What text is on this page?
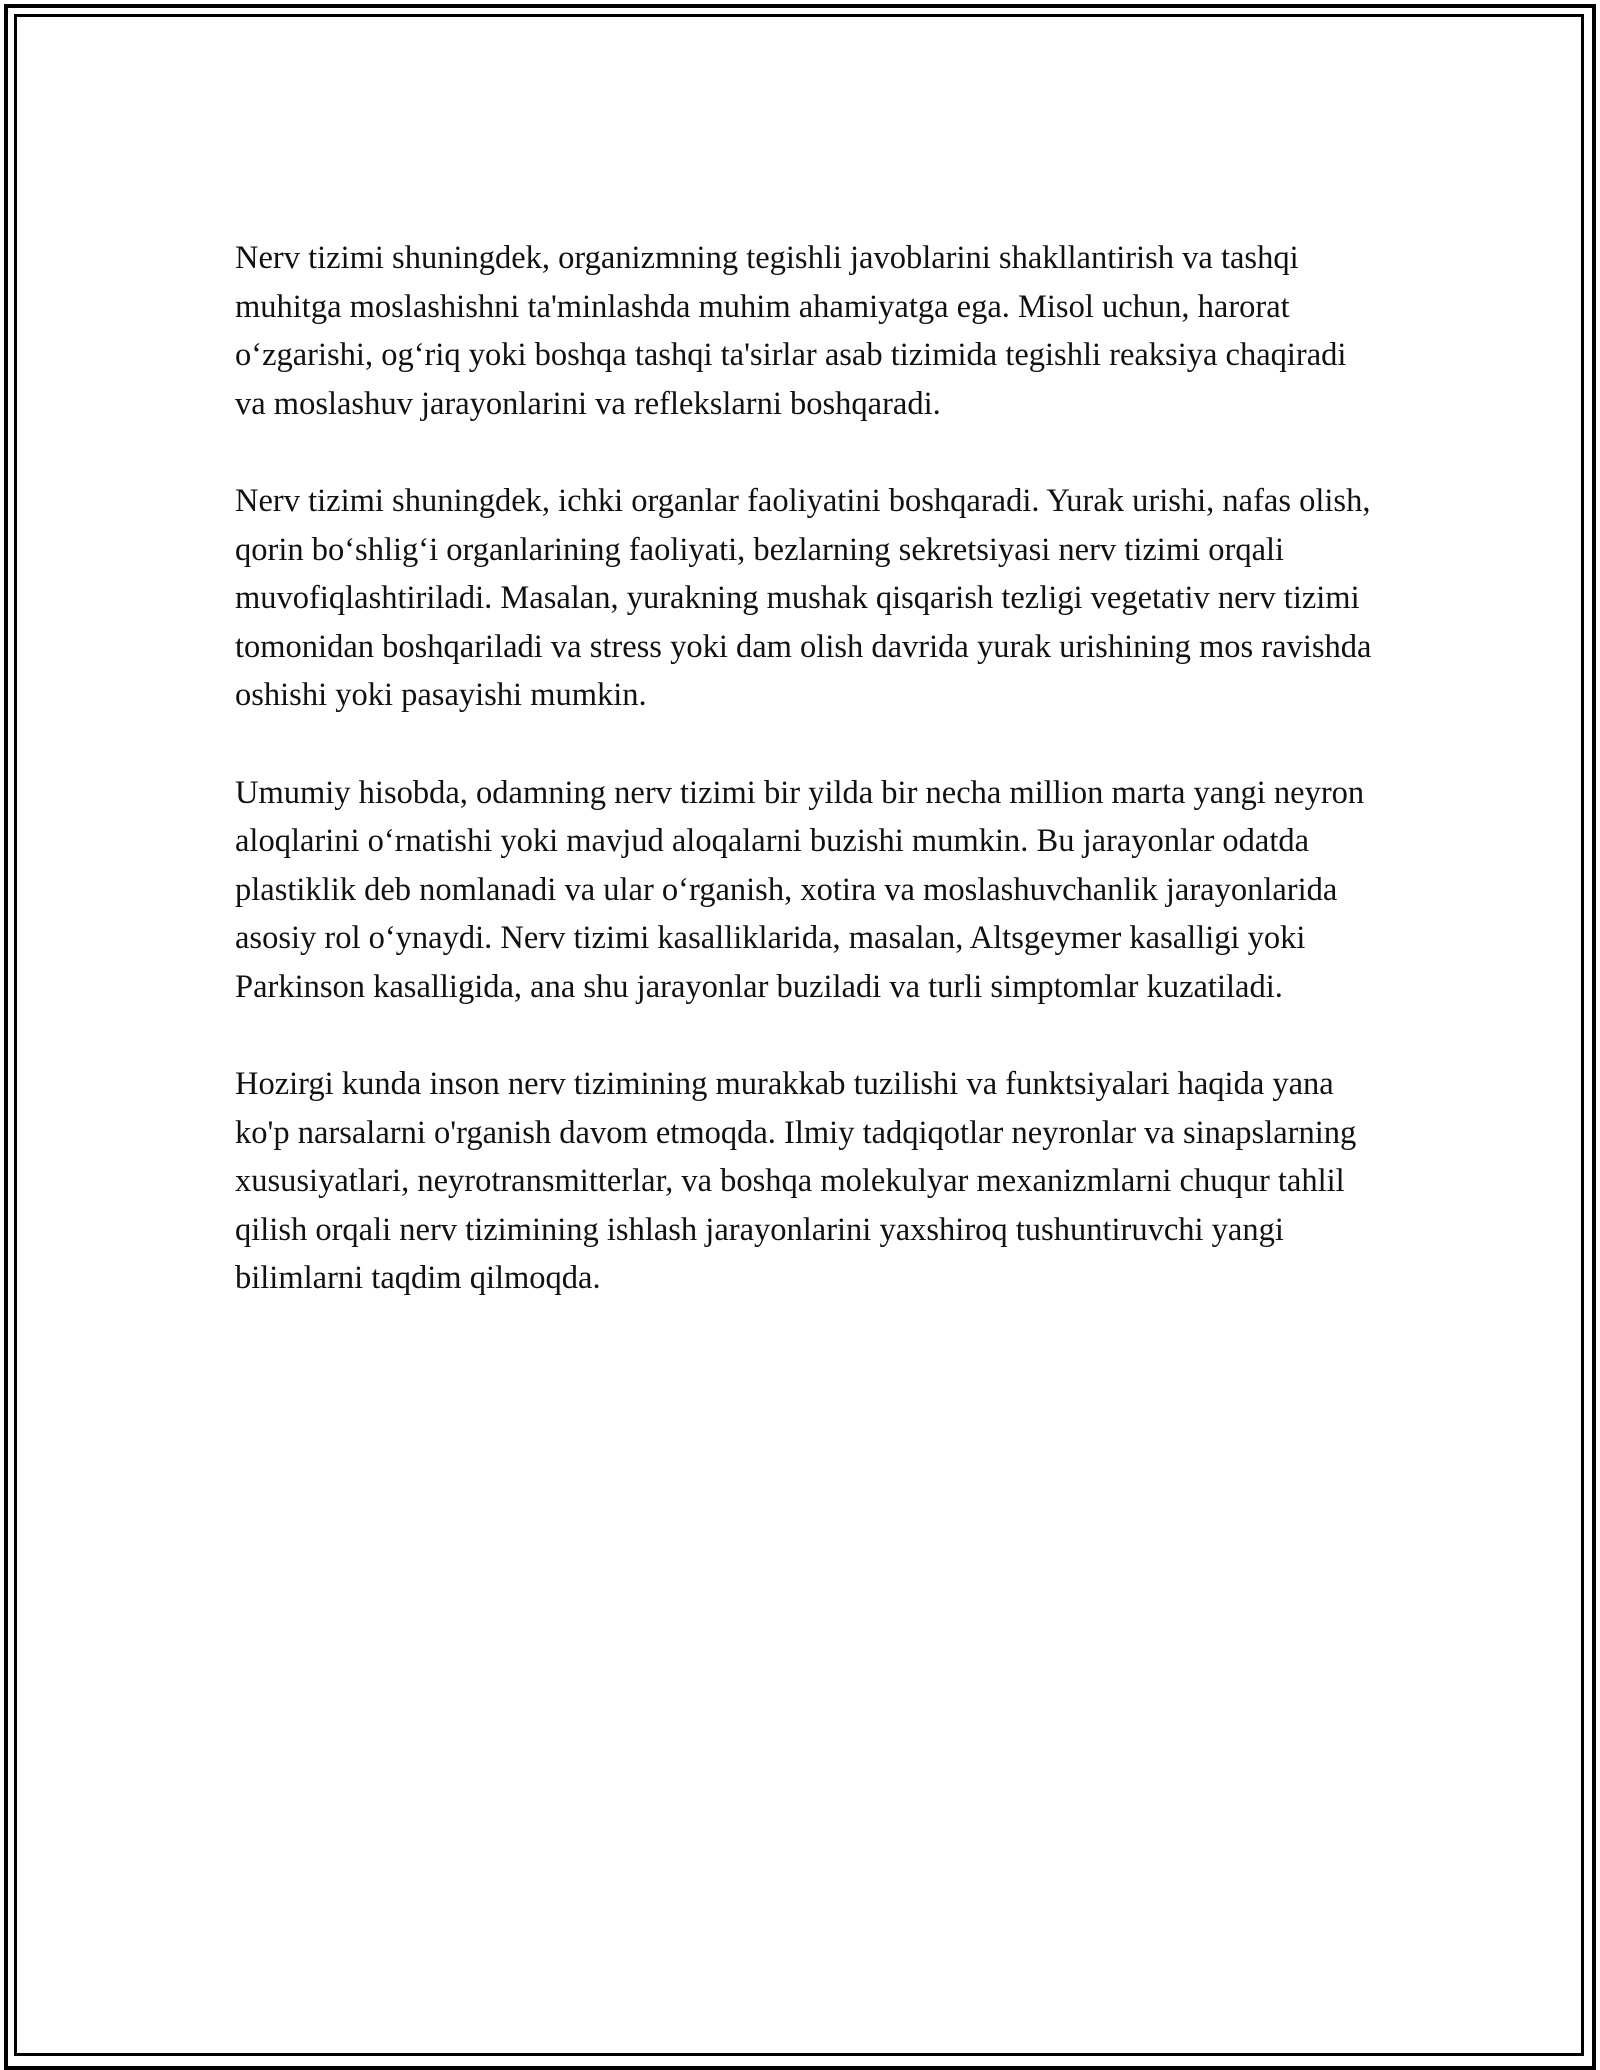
Nerv tizimi shuningdek, organizmning tegishli javoblarini shakllantirish va tashqi muhitga moslashishni ta'minlashda muhim ahamiyatga ega. Misol uchun, harorat o‘zgarishi, og‘riq yoki boshqa tashqi ta'sirlar asab tizimida tegishli reaksiya chaqiradi va moslashuv jarayonlarini va reflekslarni boshqaradi.

Nerv tizimi shuningdek, ichki organlar faoliyatini boshqaradi. Yurak urishi, nafas olish, qorin bo‘shlig‘i organlarining faoliyati, bezlarning sekretsiyasi nerv tizimi orqali muvofiqlashtiriladi. Masalan, yurakning mushak qisqarish tezligi vegetativ nerv tizimi tomonidan boshqariladi va stress yoki dam olish davrida yurak urishining mos ravishda oshishi yoki pasayishi mumkin.

Umumiy hisobda, odamning nerv tizimi bir yilda bir necha million marta yangi neyron aloqlarini o‘rnatishi yoki mavjud aloqalarni buzishi mumkin. Bu jarayonlar odatda plastiklik deb nomlanadi va ular o‘rganish, xotira va moslashuvchanlik jarayonlarida asosiy rol o‘ynaydi. Nerv tizimi kasalliklarida, masalan, Altsgeymer kasalligi yoki Parkinson kasalligida, ana shu jarayonlar buziladi va turli simptomlar kuzatiladi.

Hozirgi kunda inson nerv tizimining murakkab tuzilishi va funktsiyalari haqida yana ko'p narsalarni o'rganish davom etmoqda. Ilmiy tadqiqotlar neyronlar va sinapslarning xususiyatlari, neyrotransmitterlar, va boshqa molekulyar mexanizmlarni chuqur tahlil qilish orqali nerv tizimining ishlash jarayonlarini yaxshiroq tushuntiruvchi yangi bilimlarni taqdim qilmoqda.
